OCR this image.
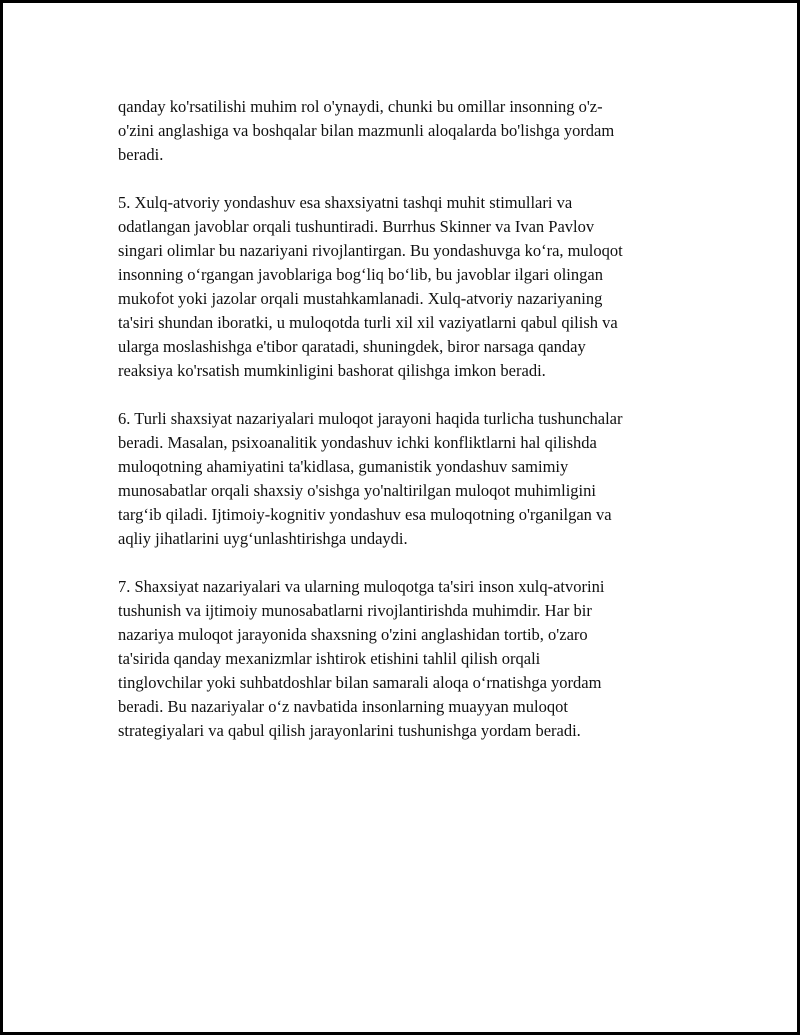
qanday ko'rsatilishi muhim rol o'ynaydi, chunki bu omillar insonning o'z-
o'zini anglashiga va boshqalar bilan mazmunli aloqalarda bo'lishga yordam
beradi.

5. Xulq-atvoriy yondashuv esa shaxsiyatni tashqi muhit stimullari va
odatlangan javoblar orqali tushuntiradi. Burrhus Skinner va Ivan Pavlov
singari olimlar bu nazariyani rivojlantirgan. Bu yondashuvga ko‘ra, muloqot
insonning o‘rgangan javoblariga bog‘liq bo‘lib, bu javoblar ilgari olingan
mukofot yoki jazolar orqali mustahkamlanadi. Xulq-atvoriy nazariyaning
ta'siri shundan iboratki, u muloqotda turli xil xil vaziyatlarni qabul qilish va
ularga moslashishga e'tibor qaratadi, shuningdek, biror narsaga qanday
reaksiya ko'rsatish mumkinligini bashorat qilishga imkon beradi.

6. Turli shaxsiyat nazariyalari muloqot jarayoni haqida turlicha tushunchalar
beradi. Masalan, psixoanalitik yondashuv ichki konfliktlarni hal qilishda
muloqotning ahamiyatini ta'kidlasa, gumanistik yondashuv samimiy
munosabatlar orqali shaxsiy o'sishga yo'naltirilgan muloqot muhimligini
targ‘ib qiladi. Ijtimoiy-kognitiv yondashuv esa muloqotning o'rganilgan va
aqliy jihatlarini uyg‘unlashtirishga undaydi.

7. Shaxsiyat nazariyalari va ularning muloqotga ta'siri inson xulq-atvorini
tushunish va ijtimoiy munosabatlarni rivojlantirishda muhimdir. Har bir
nazariya muloqot jarayonida shaxsning o'zini anglashidan tortib, o'zaro
ta'sirida qanday mexanizmlar ishtirok etishini tahlil qilish orqali
tinglovchilar yoki suhbatdoshlar bilan samarali aloqa o‘rnatishga yordam
beradi. Bu nazariyalar o‘z navbatida insonlarning muayyan muloqot
strategiyalari va qabul qilish jarayonlarini tushunishga yordam beradi.
